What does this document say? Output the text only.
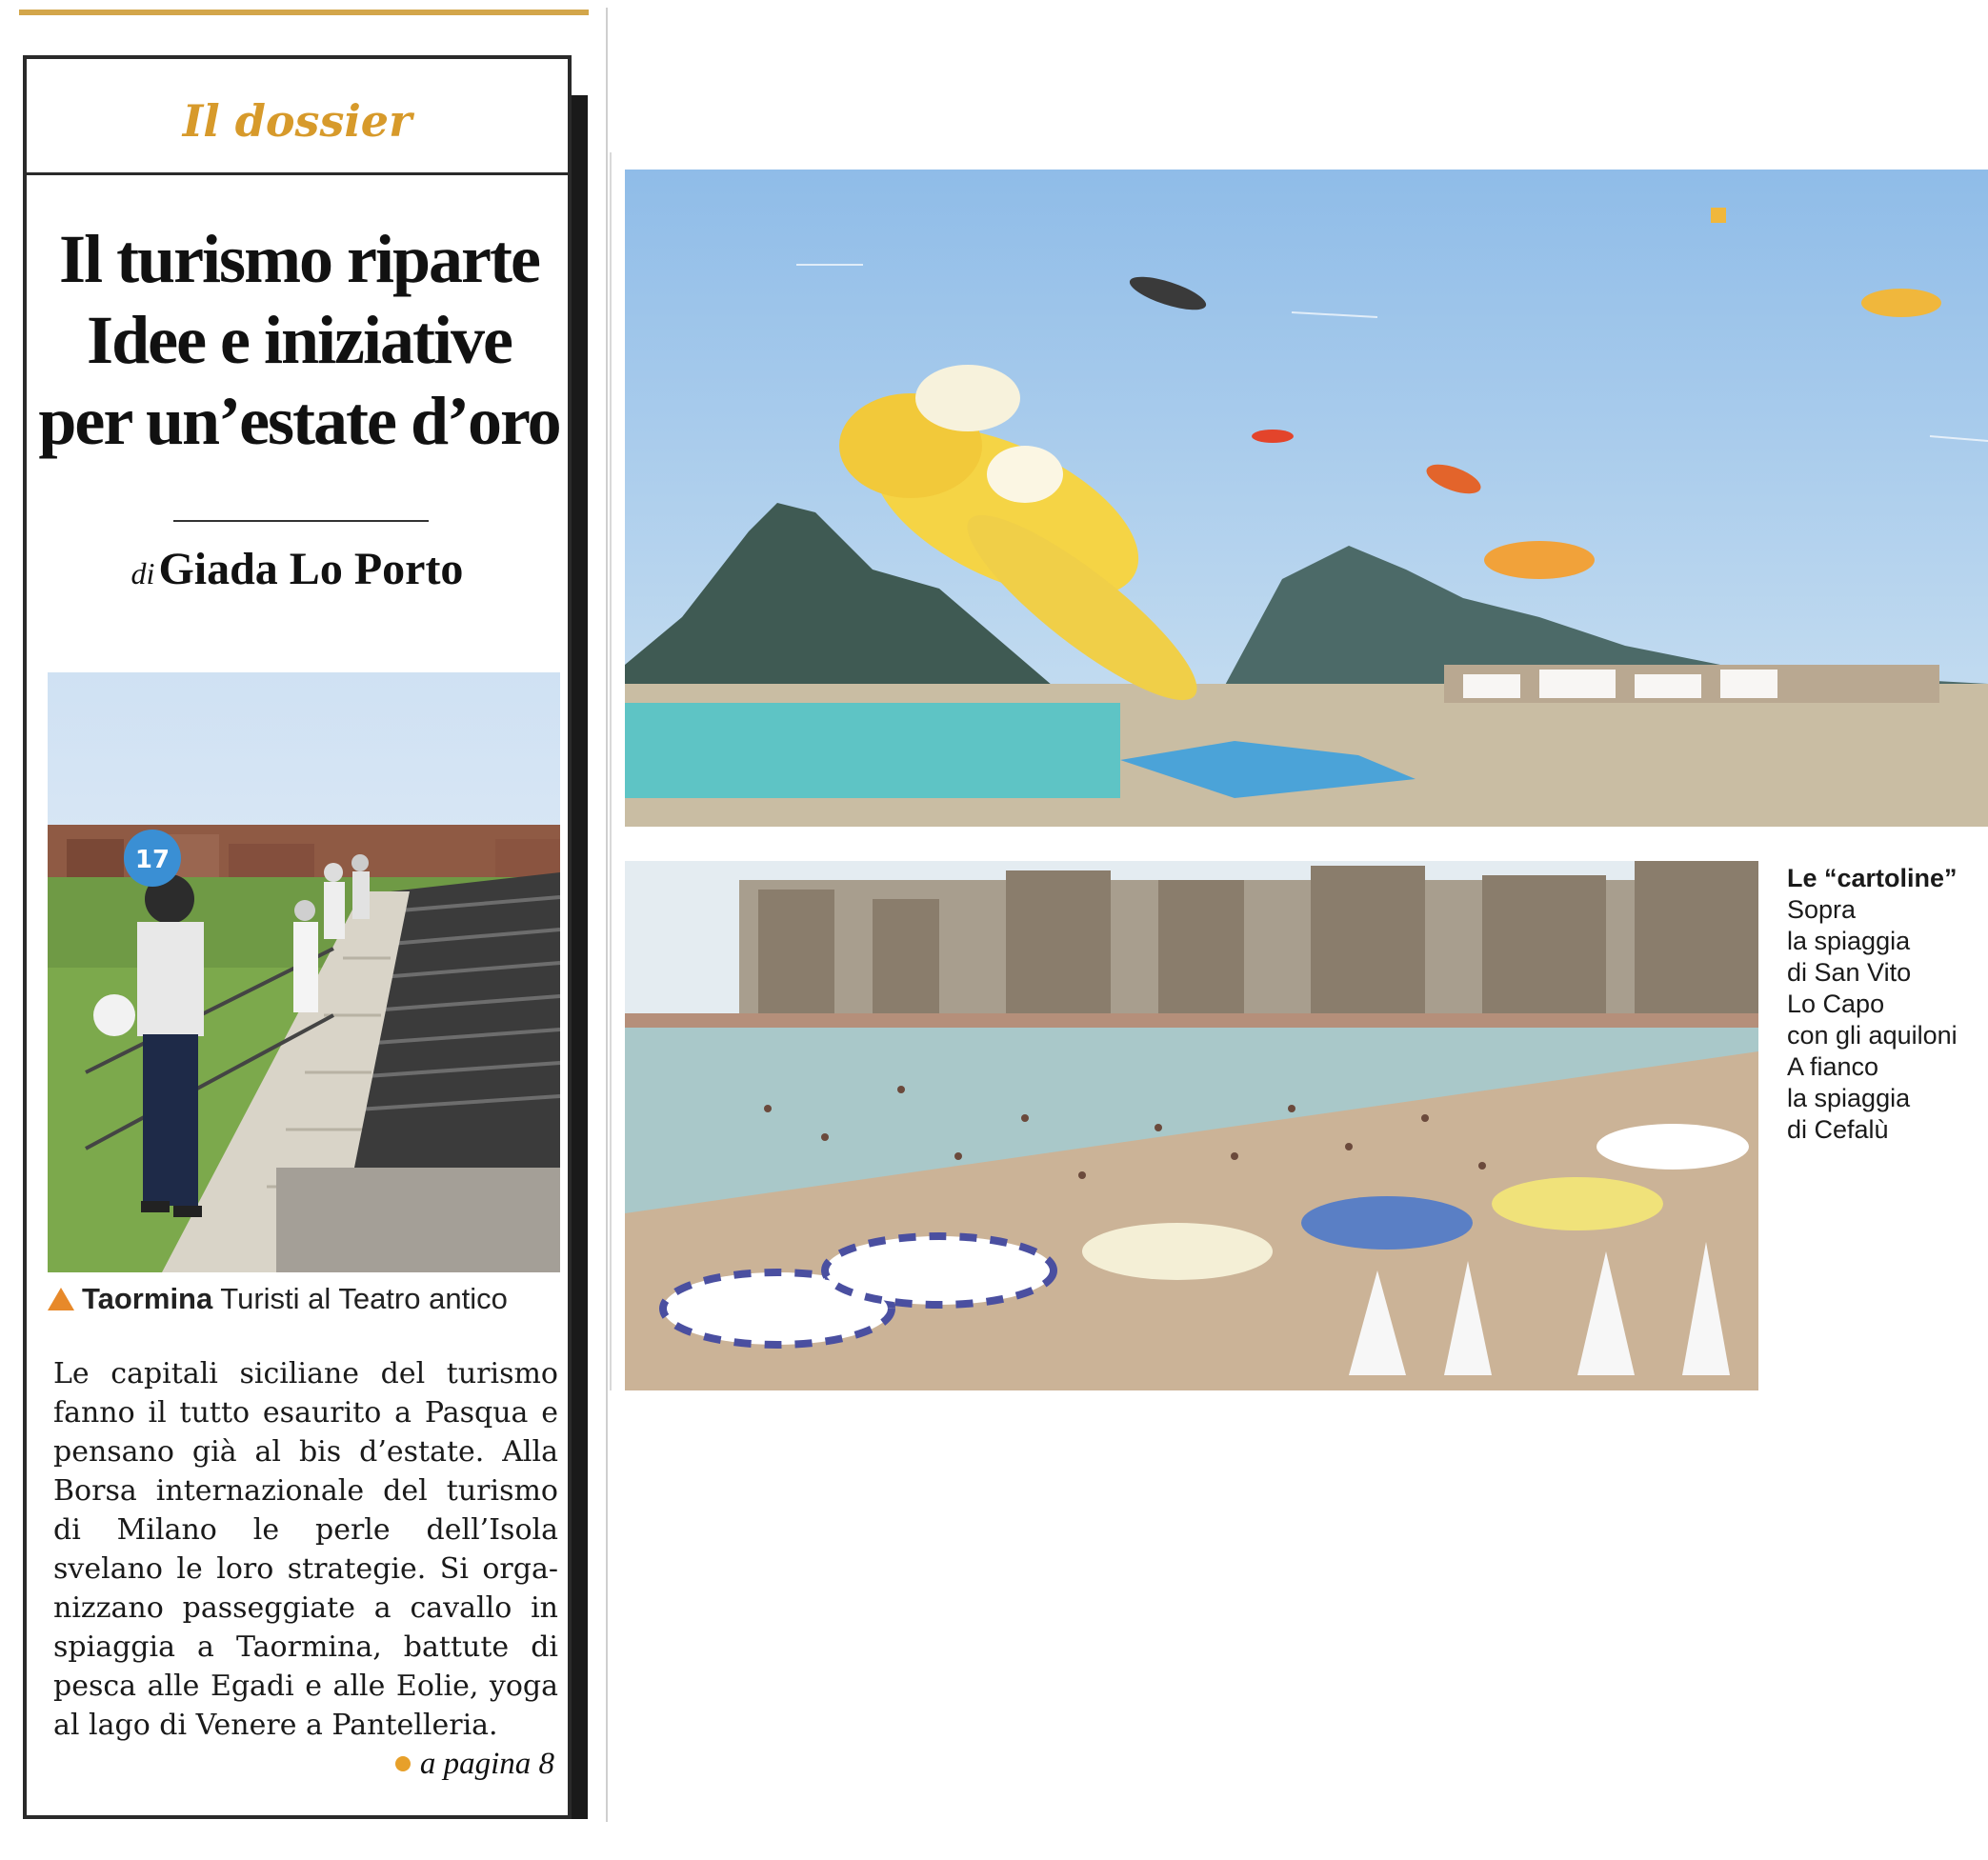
Il dossier
Il turismo riparte
Idee e iniziative
per un’estate d’oro
di Giada Lo Porto
17
Taormina Turisti al Teatro antico

Le capitali siciliane del turismo fanno il tutto esaurito a Pasqua e pensano già al bis d’estate. Alla Borsa internazionale del turismo di Milano le perle dell’Isola svelano le loro strategie. Si organizzano passeggiate a cavallo in spiaggia a Taormina, battute di pesca alle Egadi e alle Eolie, yoga al lago di Venere a Pantelleria.

a pagina 8
Le “cartoline”
Sopra
la spiaggia
di San Vito
Lo Capo
con gli aquiloni
A fianco
la spiaggia
di Cefalù
